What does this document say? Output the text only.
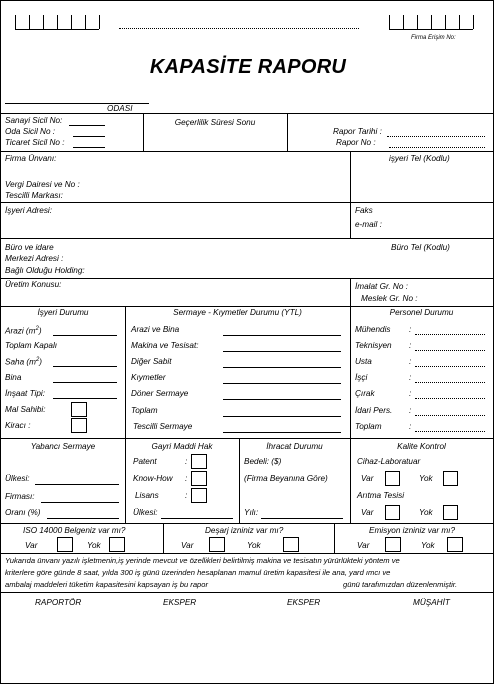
Firma Erişim No:
KAPASİTE RAPORU
ODASI
Sanayi Sicil No:
Oda Sicil No :
Ticaret Sicil No :
Geçerlilik Süresi Sonu
Rapor Tarihi :
Rapor No :
Firma Ünvanı:	işyeri Tel (Kodlu)
Vergi Dairesi ve No :
Tescilli Markası:
İşyeri Adresi:	Faks
e-mail :
Büro ve idare	Büro Tel (Kodlu)
Merkezi Adresi :
Bağlı Olduğu Holding:
Üretim Konusu:	İmalat Gr. No :
Meslek Gr. No :
İşyeri Durumu
Arazi $(m^2)$
Toplam Kapalı
Saha $(m^2)$
Bina
İnşaat Tipi:
Mal Sahibi:
Kiracı :
Sermaye - Kıymetler Durumu (YTL)
Arazi ve Bina
Makina ve Tesisat:
Diğer Sabit
Kıymetler
Döner Sermaye
Toplam
Tescilli Sermaye
Personel Durumu
Mühendis :
Teknisyen :
Usta	:
İşçi	:
Çırak	:
İdari Pers. :
Toplam	:
Yabancı Sermaye
Ülkesi:
Firması:
Oranı (%)
Gayri Maddi Hak
Patent	:
Know-How :
Lisans	:
Ülkesi:
İhracat Durumu
Bedeli: ($)
(Firma Beyanına Göre)
Yılı:
Kalite Kontrol
Cihaz-Laboratuar
Var	Yok
Arıtma Tesisi
Var	Yok
ISO 14000 Belgeniz var mı?
Var	Yok
Deşarj izniniz var mı?
Var	Yok
Emisyon izniniz var mı?
Var	Yok
Yukarıda ünvanı yazılı işletmenin,iş yerinde mevcut ve özellikleri belirtilmiş makina ve tesisatın yürürlükteki yöntem ve
kriterlere göre günde 8 saat, yılda 300 iş günü üzerinden hesaplanan mamul üretim kapasitesi ile ana, yard ımcı ve
ambalaj maddeleri tüketim kapasitesini kapsayan iş bu rapor	günü tarafımızdan düzenlenmiştir.
RAPORTÖR	EKSPER	EKSPER	MÜŞAHİT
